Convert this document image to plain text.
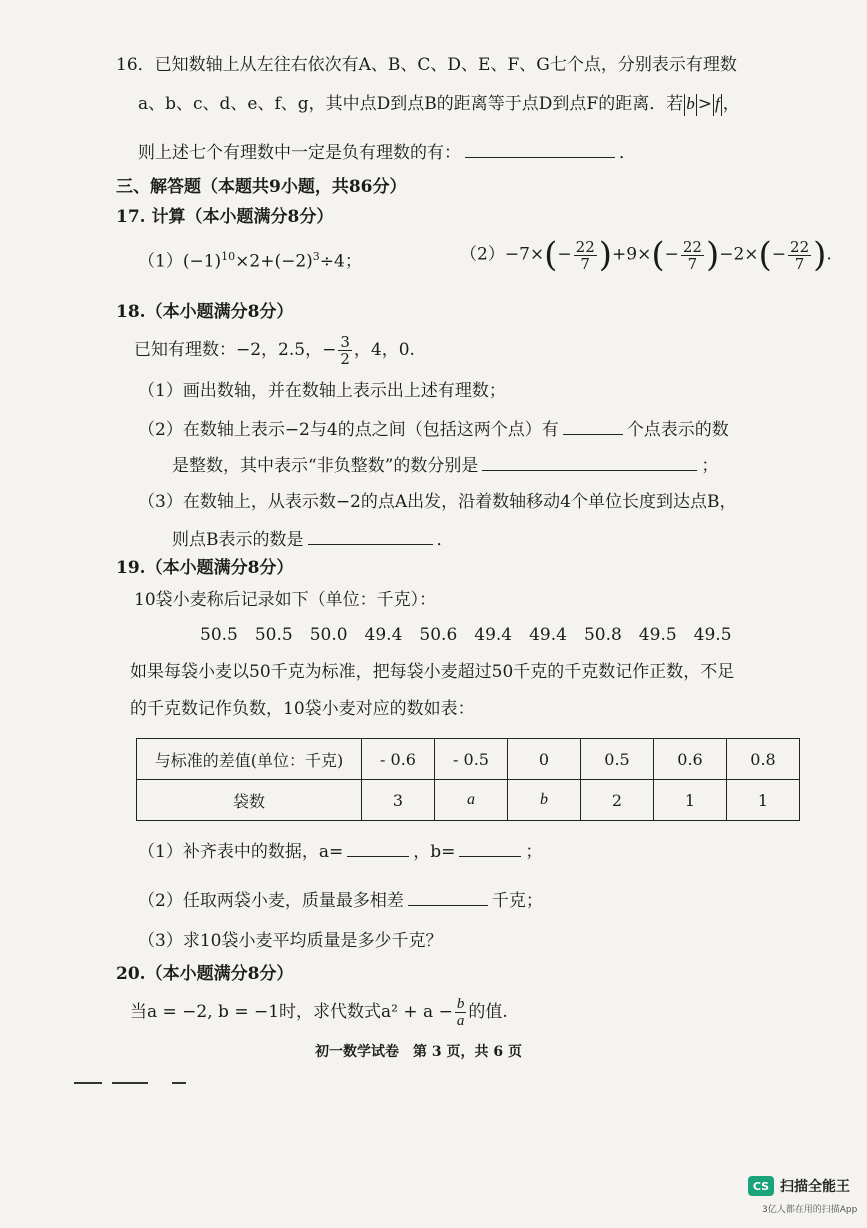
16．已知数轴上从左往右依次有A、B、C、D、E、F、G七个点，分别表示有理数
a、b、c、d、e、f、g，其中点D到点B的距离等于点D到点F的距离．若 b > f ，
则上述七个有理数中一定是负有理数的有：	．
三、解答题（本题共9小题，共86分）
17. 计算（本小题满分8分）
$(1)(-1)^{10}\times 2+(-2)^3\div 4$；	$(2)-7\times(- \frac{22}{7} )+9\times(- \frac{22}{7} )-2\times(- \frac{22}{7}$ ).
18.（本小题满分8分）
已知有理数：−2，2.5，− $\frac{3}{2}$ ，4，0.
（1）画出数轴，并在数轴上表示出上述有理数；
（2）在数轴上表示−2与4的点之间（包括这两个点）有	个点表示的数
是整数，其中表示“非负整数”的数分别是	；
（3）在数轴上，从表示数−2的点A出发，沿着数轴移动4个单位长度到达点B，
则点B表示的数是	．
19.（本小题满分8分）
10袋小麦称后记录如下（单位：千克）：
50.5　50.5　50.0　49.4　50.6　49.4　49.4　50.8　49.5　49.5
如果每袋小麦以50千克为标准，把每袋小麦超过50千克的千克数记作正数，不足
的千克数记作负数，10袋小麦对应的数如表：
与标准的差值(单位：千克)	- 0.6	- 0.5	0	0.5	0.6	0.8
袋数	3	a	b	2	1	1
（1）补齐表中的数据，a=	，b=	；
（2）任取两袋小麦，质量最多相差	千克；
（3）求10袋小麦平均质量是多少千克？
20.（本小题满分8分）
当a = −2, b = −1时，求代数式$a^2 + a - \frac{b}{a}$ 的值.
初一数学试卷　第 3 页，共 6 页
CS 扫描全能王
3亿人都在用的扫描App
